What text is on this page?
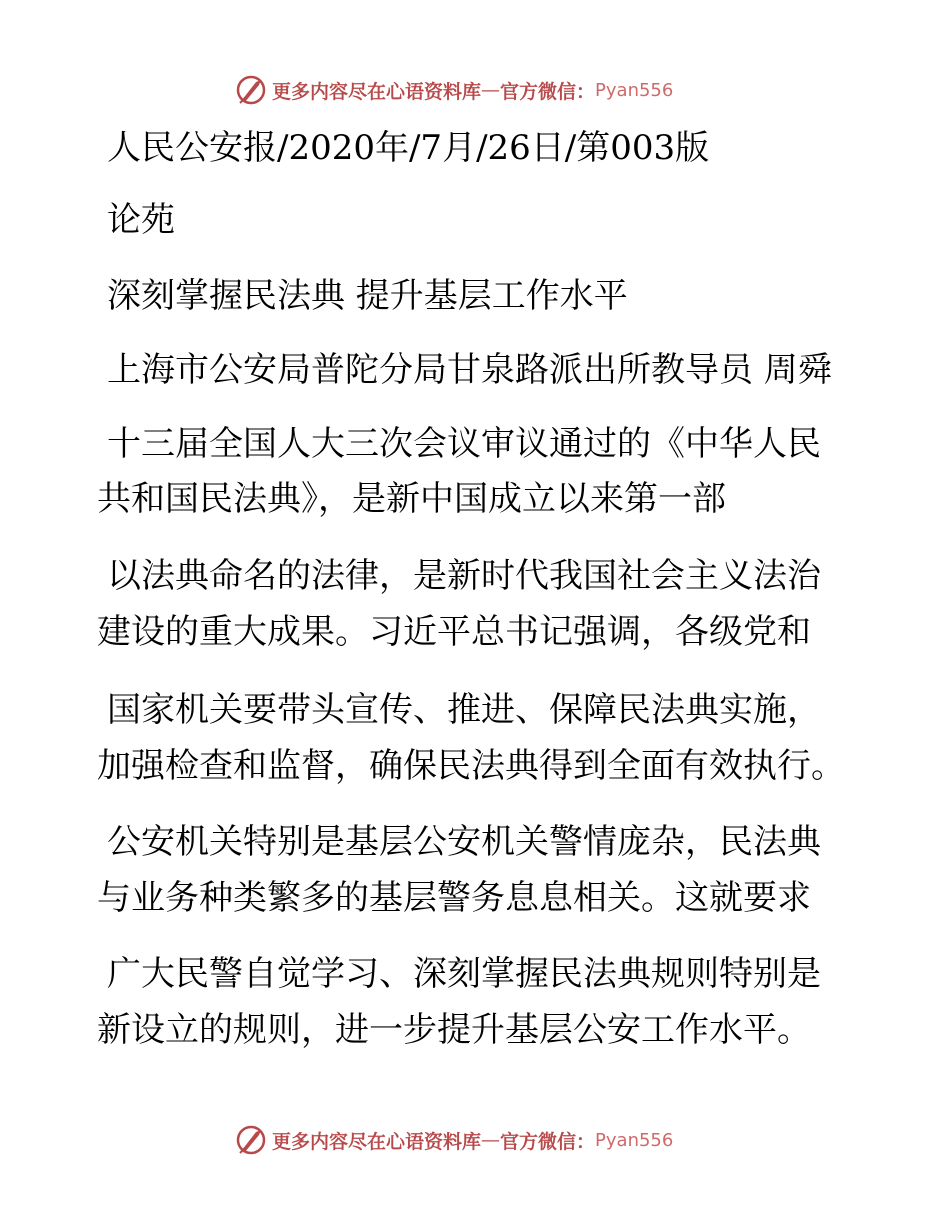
更多内容尽在心语资料库 — 官方微信： Pyan556
人民公安报/2020年/7月/26日/第003版
论苑
深刻掌握民法典 提升基层工作水平
上海市公安局普陀分局甘泉路派出所教导员 周舜
十三届全国人大三次会议审议通过的《中华人民
共和国民法典》，是新中国成立以来第一部
以法典命名的法律，是新时代我国社会主义法治
建设的重大成果。习近平总书记强调，各级党和
国家机关要带头宣传、推进、保障民法典实施，
加强检查和监督，确保民法典得到全面有效执行。
公安机关特别是基层公安机关警情庞杂，民法典
与业务种类繁多的基层警务息息相关。这就要求
广大民警自觉学习、深刻掌握民法典规则特别是
新设立的规则，进一步提升基层公安工作水平。
更多内容尽在心语资料库 — 官方微信： Pyan556
